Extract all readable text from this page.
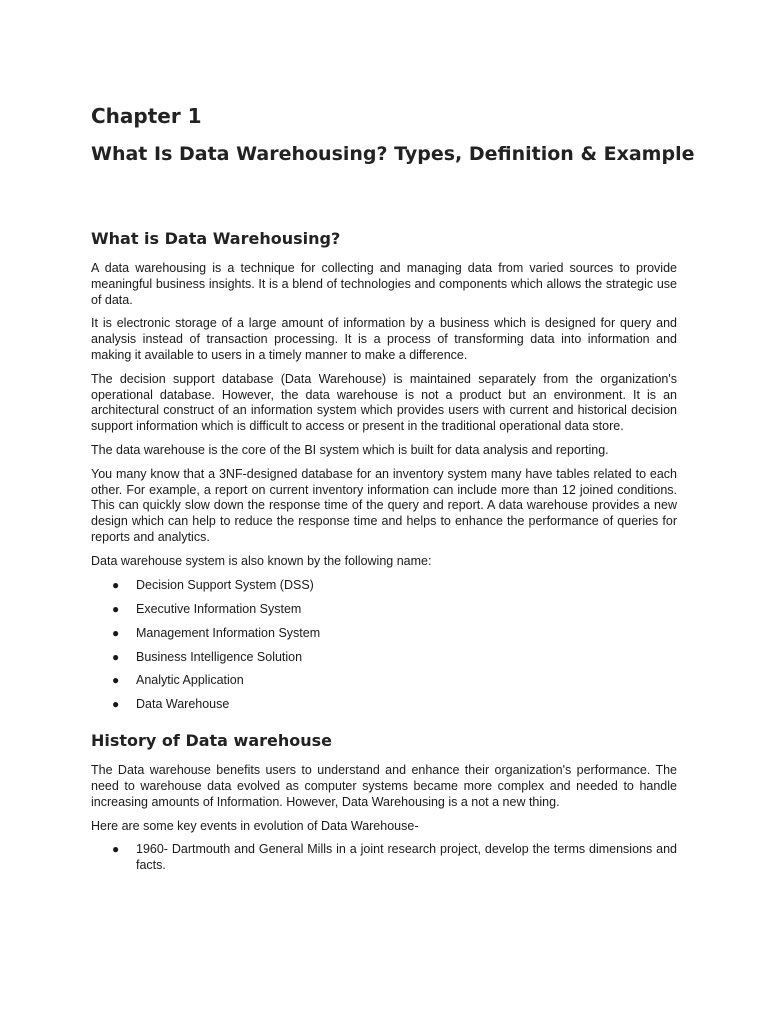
Chapter 1
What Is Data Warehousing? Types, Definition & Example
What is Data Warehousing?

A data warehousing is a technique for collecting and managing data from varied sources to provide meaningful business insights. It is a blend of technologies and components which allows the strategic use of data.

It is electronic storage of a large amount of information by a business which is designed for query and analysis instead of transaction processing. It is a process of transforming data into information and making it available to users in a timely manner to make a difference.

The decision support database (Data Warehouse) is maintained separately from the organization's operational database. However, the data warehouse is not a product but an environment. It is an architectural construct of an information system which provides users with current and historical decision support information which is difficult to access or present in the traditional operational data store.

The data warehouse is the core of the BI system which is built for data analysis and reporting.

You many know that a 3NF-designed database for an inventory system many have tables related to each other. For example, a report on current inventory information can include more than 12 joined conditions. This can quickly slow down the response time of the query and report. A data warehouse provides a new design which can help to reduce the response time and helps to enhance the performance of queries for reports and analytics.

Data warehouse system is also known by the following name:

● Decision Support System (DSS)
● Executive Information System
● Management Information System
● Business Intelligence Solution
● Analytic Application
● Data Warehouse
History of Data warehouse

The Data warehouse benefits users to understand and enhance their organization's performance. The need to warehouse data evolved as computer systems became more complex and needed to handle increasing amounts of Information. However, Data Warehousing is a not a new thing.

Here are some key events in evolution of Data Warehouse-

● 1960- Dartmouth and General Mills in a joint research project, develop the terms dimensions and facts.
